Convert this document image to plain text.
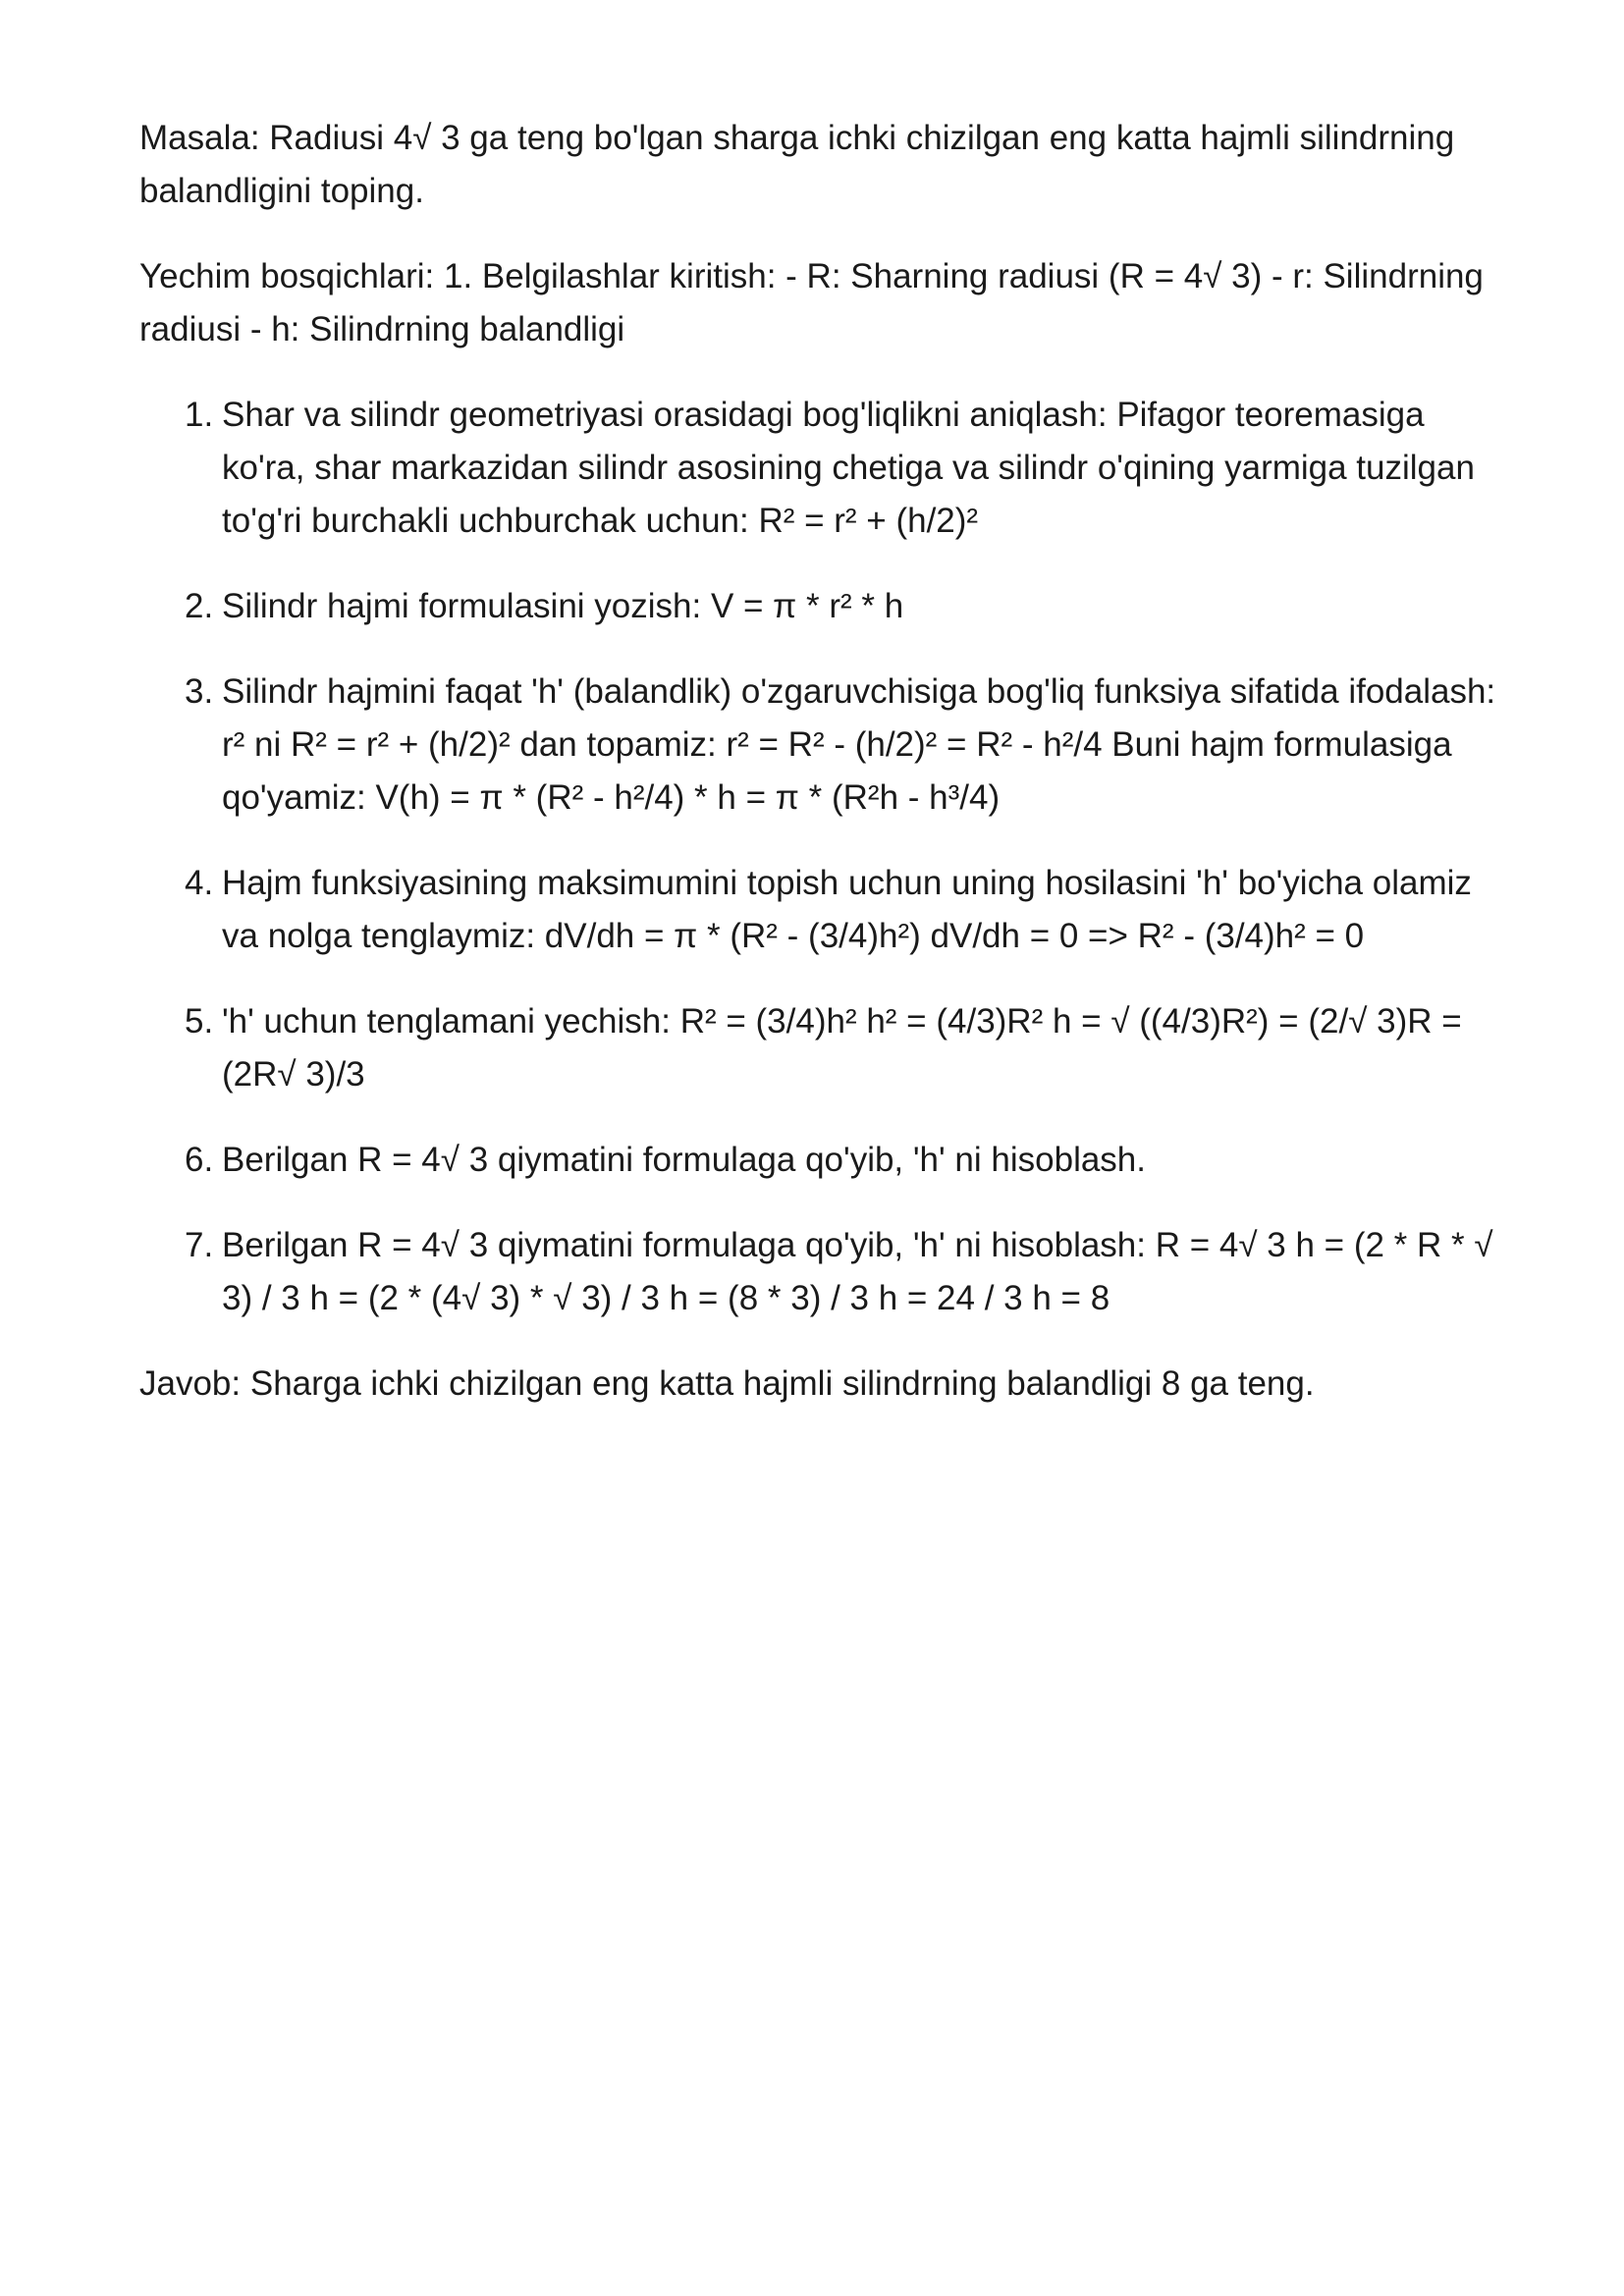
Masala: Radiusi 4√ 3 ga teng bo'lgan sharga ichki chizilgan eng katta hajmli silindrning balandligini toping.

Yechim bosqichlari: 1. Belgilashlar kiritish: - R: Sharning radiusi (R = 4√ 3) - r: Silindrning radiusi - h: Silindrning balandligi

1. Shar va silindr geometriyasi orasidagi bog'liqlikni aniqlash: Pifagor teoremasiga ko'ra, shar markazidan silindr asosining chetiga va silindr o'qining yarmiga tuzilgan to'g'ri burchakli uchburchak uchun: R² = r² + (h/2)²
2. Silindr hajmi formulasini yozish: V = π * r² * h
3. Silindr hajmini faqat 'h' (balandlik) o'zgaruvchisiga bog'liq funksiya sifatida ifodalash: r² ni R² = r² + (h/2)² dan topamiz: r² = R² - (h/2)² = R² - h²/4 Buni hajm formulasiga qo'yamiz: V(h) = π * (R² - h²/4) * h = π * (R²h - h³/4)
4. Hajm funksiyasining maksimumini topish uchun uning hosilasini 'h' bo'yicha olamiz va nolga tenglaymiz: dV/dh = π * (R² - (3/4)h²) dV/dh = 0 => R² - (3/4)h² = 0
5. 'h' uchun tenglamani yechish: R² = (3/4)h² h² = (4/3)R² h = √ ((4/3)R²) = (2/√ 3)R = (2R√ 3)/3
6. Berilgan R = 4√ 3 qiymatini formulaga qo'yib, 'h' ni hisoblash.
7. Berilgan R = 4√ 3 qiymatini formulaga qo'yib, 'h' ni hisoblash: R = 4√ 3 h = (2 * R * √ 3) / 3 h = (2 * (4√ 3) * √ 3) / 3 h = (8 * 3) / 3 h = 24 / 3 h = 8

Javob: Sharga ichki chizilgan eng katta hajmli silindrning balandligi 8 ga teng.
